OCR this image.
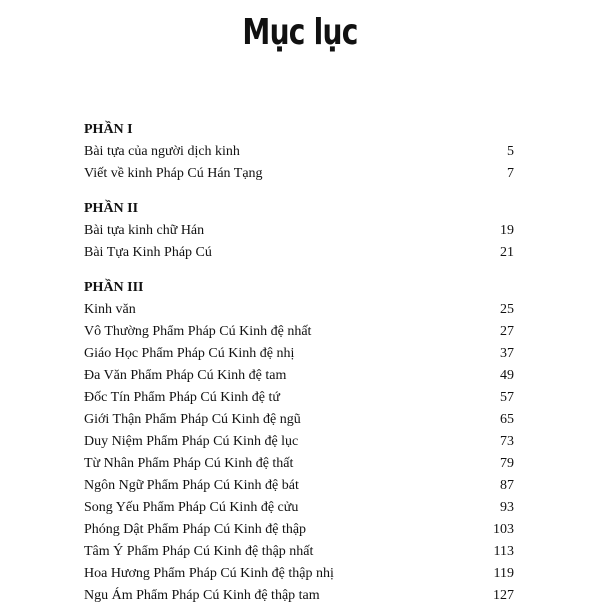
Mục lục
PHẦN I
Bài tựa của người dịch kinh	5
Viết về kinh Pháp Cú Hán Tạng	7
PHẦN II
Bài tựa kinh chữ Hán	19
Bài Tựa Kinh Pháp Cú	21
PHẦN III
Kinh văn	25
Vô Thường Phẩm Pháp Cú Kinh đệ nhất	27
Giáo Học Phẩm Pháp Cú Kinh đệ nhị	37
Đa Văn Phẩm Pháp Cú Kinh đệ tam	49
Đốc Tín Phẩm Pháp Cú Kinh đệ tứ	57
Giới Thận Phẩm Pháp Cú Kinh đệ ngũ	65
Duy Niệm Phẩm Pháp Cú Kinh đệ lục	73
Từ Nhân Phẩm Pháp Cú Kinh đệ thất	79
Ngôn Ngữ Phẩm Pháp Cú Kinh đệ bát	87
Song Yếu Phẩm Pháp Cú Kinh đệ cửu	93
Phóng Dật Phẩm Pháp Cú Kinh đệ thập	103
Tâm Ý Phẩm Pháp Cú Kinh đệ thập nhất	113
Hoa Hương Phẩm Pháp Cú Kinh đệ thập nhị	119
Ngu Ám Phẩm Pháp Cú Kinh đệ thập tam	127
